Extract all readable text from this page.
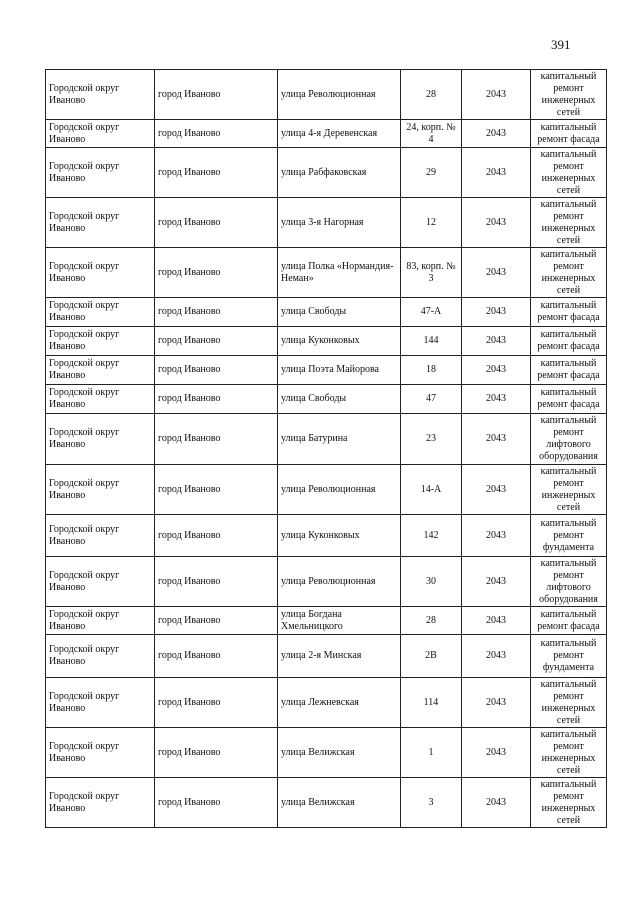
391
Городской округ Иваново	город Иваново	улица Революционная	28	2043	капитальный ремонт инженерных сетей
Городской округ Иваново	город Иваново	улица 4-я Деревенская	24, корп. № 4	2043	капитальный ремонт фасада
Городской округ Иваново	город Иваново	улица Рабфаковская	29	2043	капитальный ремонт инженерных сетей
Городской округ Иваново	город Иваново	улица 3-я Нагорная	12	2043	капитальный ремонт инженерных сетей
Городской округ Иваново	город Иваново	улица Полка «Нормандия-Неман»	83, корп. № 3	2043	капитальный ремонт инженерных сетей
Городской округ Иваново	город Иваново	улица Свободы	47-А	2043	капитальный ремонт фасада
Городской округ Иваново	город Иваново	улица Куконковых	144	2043	капитальный ремонт фасада
Городской округ Иваново	город Иваново	улица Поэта Майорова	18	2043	капитальный ремонт фасада
Городской округ Иваново	город Иваново	улица Свободы	47	2043	капитальный ремонт фасада
Городской округ Иваново	город Иваново	улица Батурина	23	2043	капитальный ремонт лифтового оборудования
Городской округ Иваново	город Иваново	улица Революционная	14-А	2043	капитальный ремонт инженерных сетей
Городской округ Иваново	город Иваново	улица Куконковых	142	2043	капитальный ремонт фундамента
Городской округ Иваново	город Иваново	улица Революционная	30	2043	капитальный ремонт лифтового оборудования
Городской округ Иваново	город Иваново	улица Богдана Хмельницкого	28	2043	капитальный ремонт фасада
Городской округ Иваново	город Иваново	улица 2-я Минская	2В	2043	капитальный ремонт фундамента
Городской округ Иваново	город Иваново	улица Лежневская	114	2043	капитальный ремонт инженерных сетей
Городской округ Иваново	город Иваново	улица Велижская	1	2043	капитальный ремонт инженерных сетей
Городской округ Иваново	город Иваново	улица Велижская	3	2043	капитальный ремонт инженерных сетей
